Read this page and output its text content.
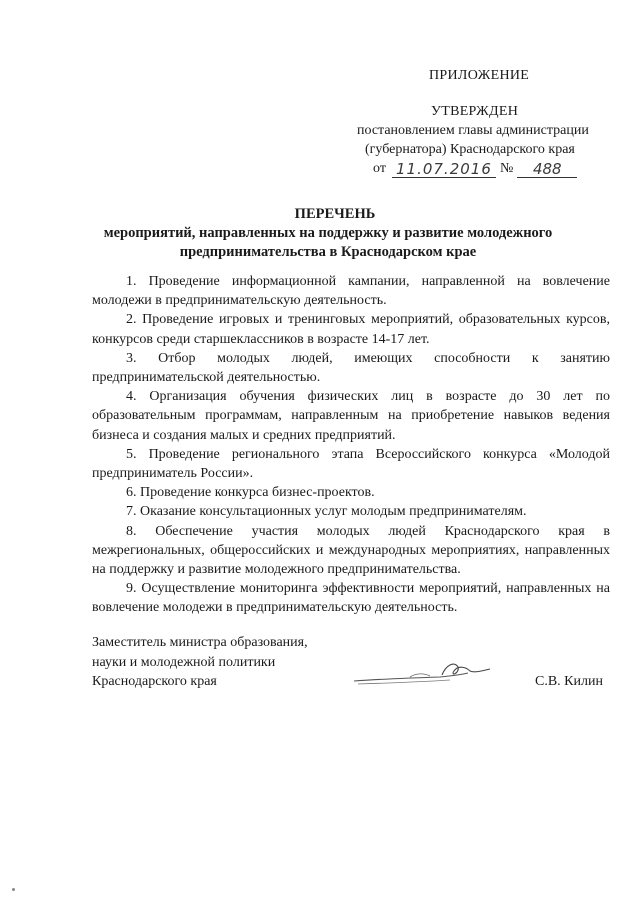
ПРИЛОЖЕНИЕ
УТВЕРЖДЕН
постановлением главы администрации
(губернатора) Краснодарского края
от 11.07.2016 №	488
ПЕРЕЧЕНЬ
мероприятий, направленных на поддержку и развитие молодежного
предпринимательства в Краснодарском крае

1. Проведение информационной кампании, направленной на вовлечение молодежи в предпринимательскую деятельность.

2. Проведение игровых и тренинговых мероприятий, образовательных курсов, конкурсов среди старшеклассников в возрасте 14-17 лет.

3. Отбор молодых людей, имеющих способности к занятию предпринимательской деятельностью.

4. Организация обучения физических лиц в возрасте до 30 лет по образовательным программам, направленным на приобретение навыков ведения бизнеса и создания малых и средних предприятий.

5. Проведение регионального этапа Всероссийского конкурса «Молодой предприниматель России».

6. Проведение конкурса бизнес-проектов.

7. Оказание консультационных услуг молодым предпринимателям.

8. Обеспечение участия молодых людей Краснодарского края в межрегиональных, общероссийских и международных мероприятиях, направленных на поддержку и развитие молодежного предпринимательства.

9. Осуществление мониторинга эффективности мероприятий, направленных на вовлечение молодежи в предпринимательскую деятельность.

Заместитель министра образования,
науки и молодежной политики
Краснодарского края	С.В. Килин
